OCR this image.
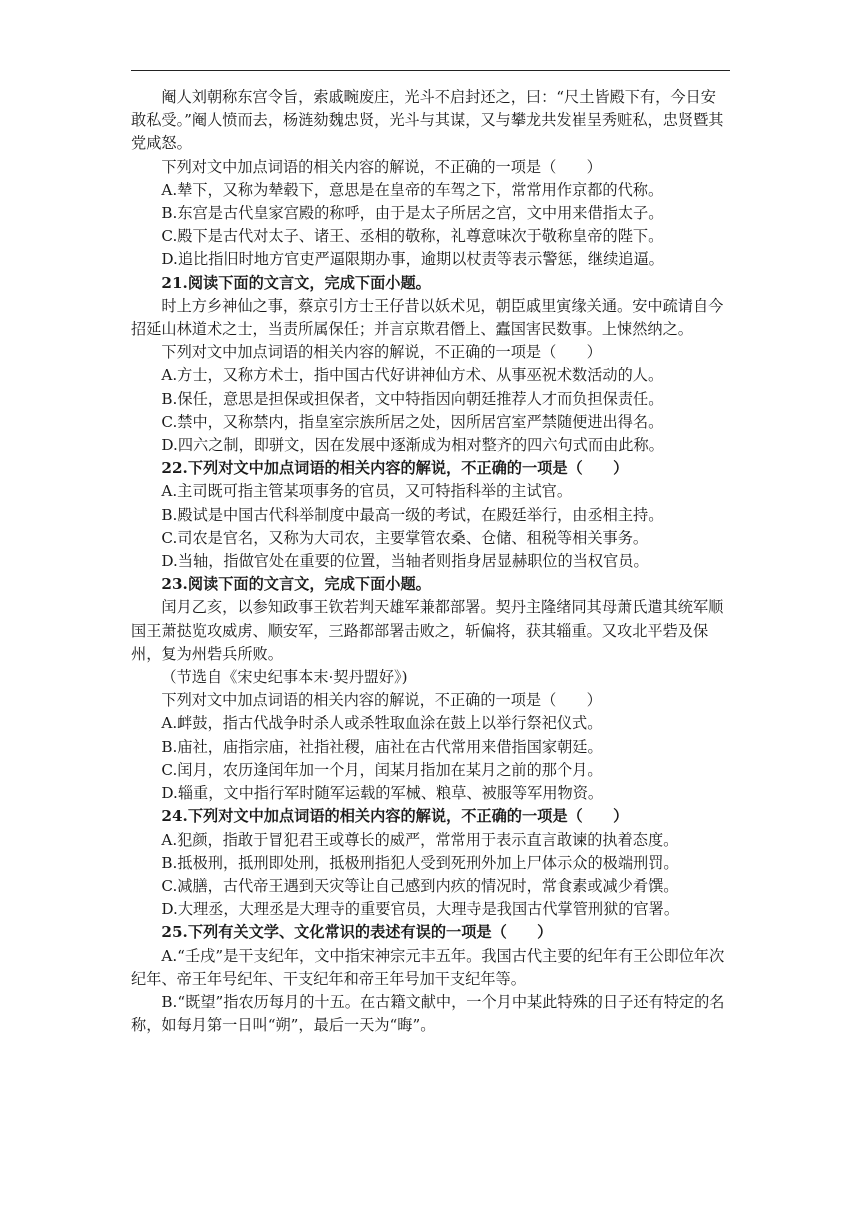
阉人刘朝称东宫令旨，索戚畹废庄，光斗不启封还之，曰：“尺土皆殿下有，今日安敢私受。”阉人愤而去，杨涟劾魏忠贤，光斗与其谋，又与攀龙共发崔呈秀赃私，忠贤暨其党咸怒。

下列对文中加点词语的相关内容的解说，不正确的一项是（　　）

A.辇下，又称为辇毂下，意思是在皇帝的车驾之下，常常用作京都的代称。

B.东宫是古代皇家宫殿的称呼，由于是太子所居之宫，文中用来借指太子。

C.殿下是古代对太子、诸王、丞相的敬称，礼尊意味次于敬称皇帝的陛下。

D.追比指旧时地方官吏严逼限期办事，逾期以杖责等表示警惩，继续追逼。

21.阅读下面的文言文，完成下面小题。

时上方乡神仙之事，蔡京引方士王仔昔以妖术见，朝臣戚里寅缘关通。安中疏请自今招延山林道术之士，当责所属保任；并言京欺君僭上、蠹国害民数事。上悚然纳之。

下列对文中加点词语的相关内容的解说，不正确的一项是（　　）

A.方士，又称方术士，指中国古代好讲神仙方术、从事巫祝术数活动的人。

B.保任，意思是担保或担保者，文中特指因向朝廷推荐人才而负担保责任。

C.禁中，又称禁内，指皇室宗族所居之处，因所居宫室严禁随便进出得名。

D.四六之制，即骈文，因在发展中逐渐成为相对整齐的四六句式而由此称。

22.下列对文中加点词语的相关内容的解说，不正确的一项是（　　）

A.主司既可指主管某项事务的官员，又可特指科举的主试官。

B.殿试是中国古代科举制度中最高一级的考试，在殿廷举行，由丞相主持。

C.司农是官名，又称为大司农，主要掌管农桑、仓储、租税等相关事务。

D.当轴，指做官处在重要的位置，当轴者则指身居显赫职位的当权官员。

23.阅读下面的文言文，完成下面小题。

闰月乙亥，以参知政事王钦若判天雄军兼都部署。契丹主隆绪同其母萧氏遣其统军顺国王萧挞览攻威虏、顺安军，三路都部署击败之，斩偏将，获其辎重。又攻北平砦及保州，复为州砦兵所败。

（节选自《宋史纪事本末·契丹盟好》)

下列对文中加点词语的相关内容的解说，不正确的一项是（　　）

A.衅鼓，指古代战争时杀人或杀牲取血涂在鼓上以举行祭祀仪式。

B.庙社，庙指宗庙，社指社稷，庙社在古代常用来借指国家朝廷。

C.闰月，农历逢闰年加一个月，闰某月指加在某月之前的那个月。

D.辎重，文中指行军时随军运载的军械、粮草、被服等军用物资。

24.下列对文中加点词语的相关内容的解说，不正确的一项是（　　）

A.犯颜，指敢于冒犯君王或尊长的威严，常常用于表示直言敢谏的执着态度。

B.抵极刑，抵刑即处刑，抵极刑指犯人受到死刑外加上尸体示众的极端刑罚。

C.减膳，古代帝王遇到天灾等让自己感到内疚的情况时，常食素或减少肴馔。

D.大理丞，大理丞是大理寺的重要官员，大理寺是我国古代掌管刑狱的官署。

25.下列有关文学、文化常识的表述有误的一项是（　　）

A.“壬戌”是干支纪年，文中指宋神宗元丰五年。我国古代主要的纪年有王公即位年次纪年、帝王年号纪年、干支纪年和帝王年号加干支纪年等。

B.“既望”指农历每月的十五。在古籍文献中，一个月中某此特殊的日子还有特定的名称，如每月第一日叫“朔”，最后一天为“晦”。
